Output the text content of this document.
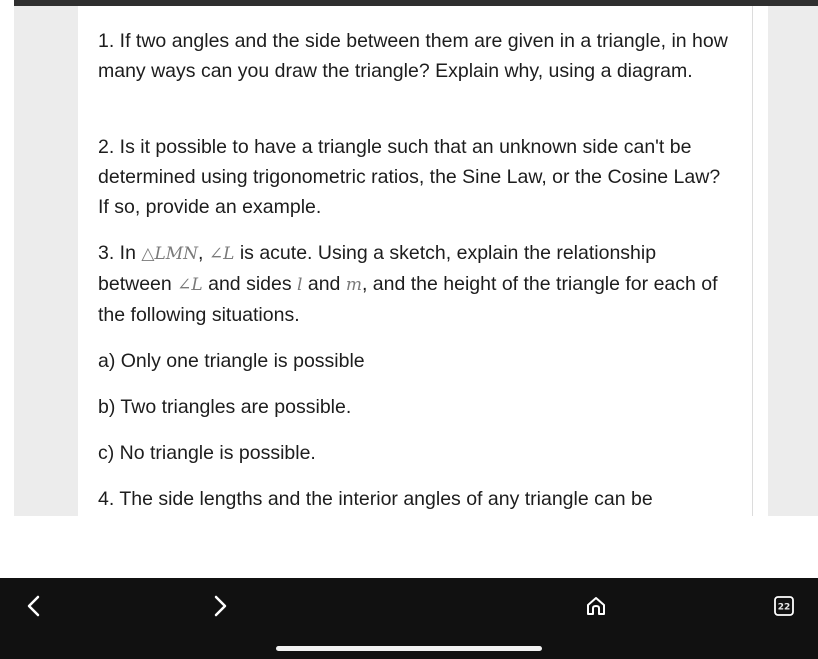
1. If two angles and the side between them are given in a triangle, in how many ways can you draw the triangle? Explain why, using a diagram.

2. Is it possible to have a triangle such that an unknown side can't be determined using trigonometric ratios, the Sine Law, or the Cosine Law? If so, provide an example.

3. In △LMN, ∠L is acute. Using a sketch, explain the relationship between ∠L and sides l and m, and the height of the triangle for each of the following situations.

a) Only one triangle is possible

b) Two triangles are possible.

c) No triangle is possible.

4. The side lengths and the interior angles of any triangle can be

22
